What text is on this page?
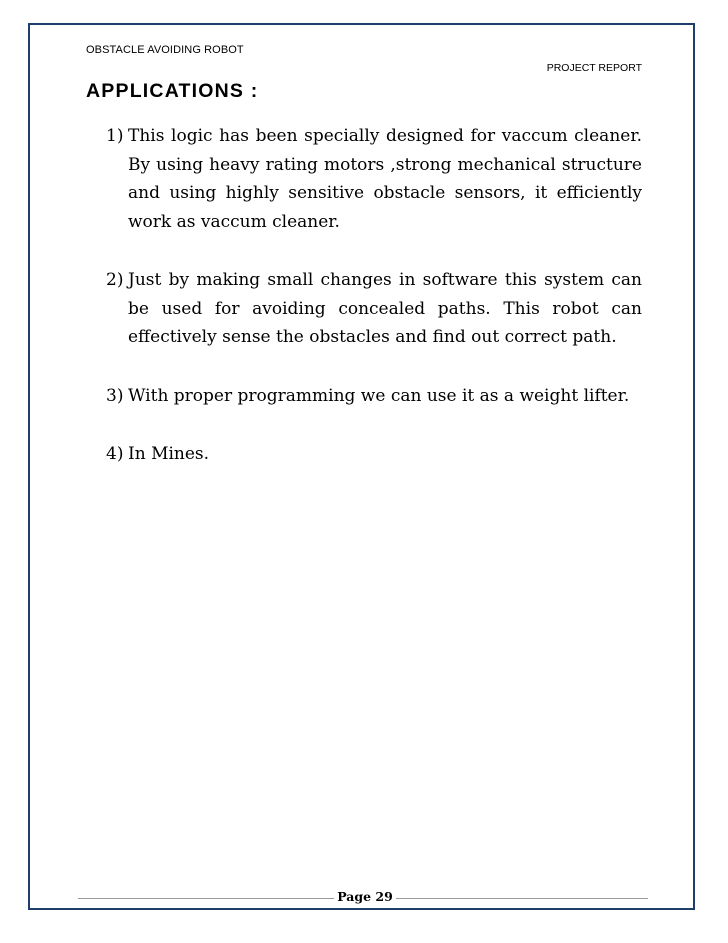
OBSTACLE AVOIDING ROBOT
PROJECT REPORT
APPLICATIONS :
1) This logic has been specially designed for vaccum cleaner. By using heavy rating motors ,strong mechanical structure and using highly sensitive obstacle sensors, it efficiently work as vaccum cleaner.
2) Just by making small changes in software this system can be used for avoiding concealed paths. This robot can effectively sense the obstacles and find out correct path.
3) With proper programming we can use it as a weight lifter.
4) In Mines.
Page 29
